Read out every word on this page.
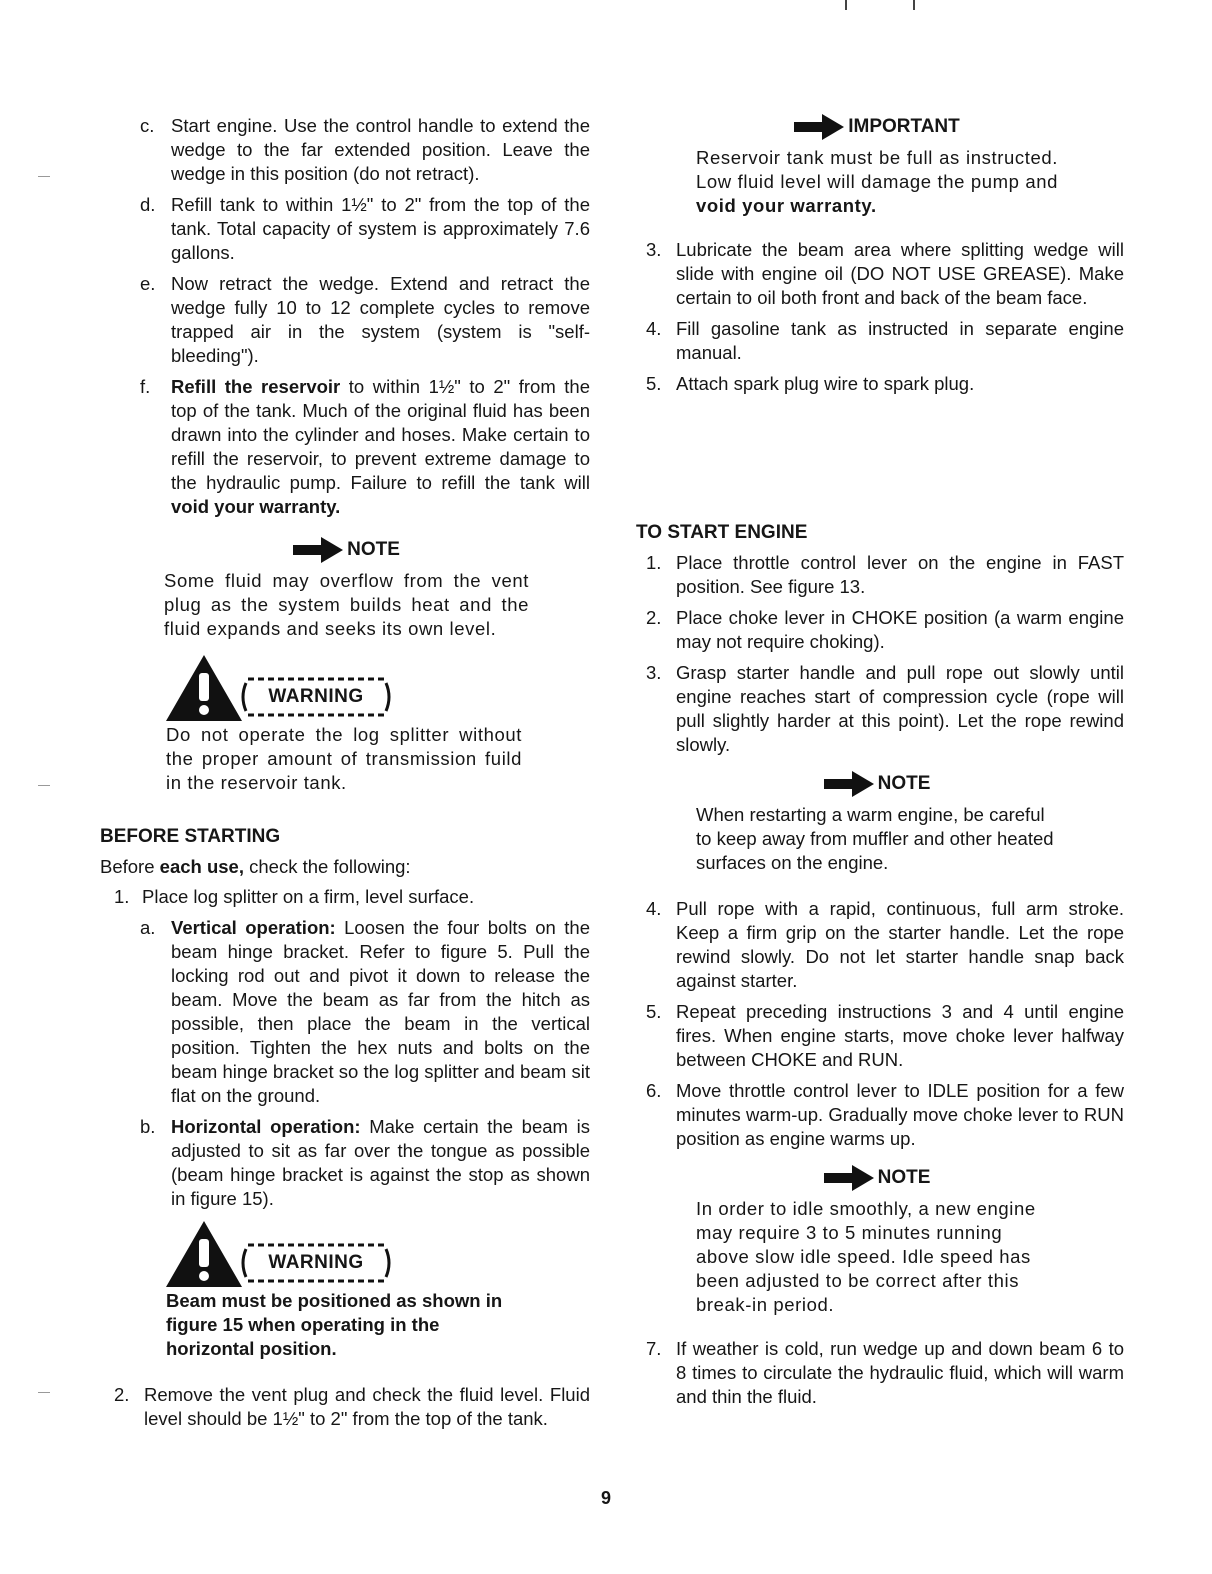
c. Start engine. Use the control handle to extend the wedge to the far extended position. Leave the wedge in this position (do not retract).
d. Refill tank to within 1½" to 2" from the top of the tank. Total capacity of system is approximately 7.6 gallons.
e. Now retract the wedge. Extend and retract the wedge fully 10 to 12 complete cycles to remove trapped air in the system (system is "self-bleeding").
f. Refill the reservoir to within 1½" to 2" from the top of the tank. Much of the original fluid has been drawn into the cylinder and hoses. Make certain to refill the reservoir, to prevent extreme damage to the hydraulic pump. Failure to refill the tank will void your warranty.
NOTE
Some fluid may overflow from the vent plug as the system builds heat and the fluid expands and seeks its own level.
WARNING
Do not operate the log splitter without the proper amount of transmission fuild in the reservoir tank.
BEFORE STARTING
Before each use, check the following:
1. Place log splitter on a firm, level surface.
a. Vertical operation: Loosen the four bolts on the beam hinge bracket. Refer to figure 5. Pull the locking rod out and pivot it down to release the beam. Move the beam as far from the hitch as possible, then place the beam in the vertical position. Tighten the hex nuts and bolts on the beam hinge bracket so the log splitter and beam sit flat on the ground.
b. Horizontal operation: Make certain the beam is adjusted to sit as far over the tongue as possible (beam hinge bracket is against the stop as shown in figure 15).
WARNING
Beam must be positioned as shown in figure 15 when operating in the horizontal position.
2. Remove the vent plug and check the fluid level. Fluid level should be 1½" to 2" from the top of the tank.
IMPORTANT
Reservoir tank must be full as instructed. Low fluid level will damage the pump and void your warranty.
3. Lubricate the beam area where splitting wedge will slide with engine oil (DO NOT USE GREASE). Make certain to oil both front and back of the beam face.
4. Fill gasoline tank as instructed in separate engine manual.
5. Attach spark plug wire to spark plug.
TO START ENGINE
1. Place throttle control lever on the engine in FAST position. See figure 13.
2. Place choke lever in CHOKE position (a warm engine may not require choking).
3. Grasp starter handle and pull rope out slowly until engine reaches start of compression cycle (rope will pull slightly harder at this point). Let the rope rewind slowly.
NOTE
When restarting a warm engine, be careful to keep away from muffler and other heated surfaces on the engine.
4. Pull rope with a rapid, continuous, full arm stroke. Keep a firm grip on the starter handle. Let the rope rewind slowly. Do not let starter handle snap back against starter.
5. Repeat preceding instructions 3 and 4 until engine fires. When engine starts, move choke lever halfway between CHOKE and RUN.
6. Move throttle control lever to IDLE position for a few minutes warm-up. Gradually move choke lever to RUN position as engine warms up.
NOTE
In order to idle smoothly, a new engine may require 3 to 5 minutes running above slow idle speed. Idle speed has been adjusted to be correct after this break-in period.
7. If weather is cold, run wedge up and down beam 6 to 8 times to circulate the hydraulic fluid, which will warm and thin the fluid.
9
